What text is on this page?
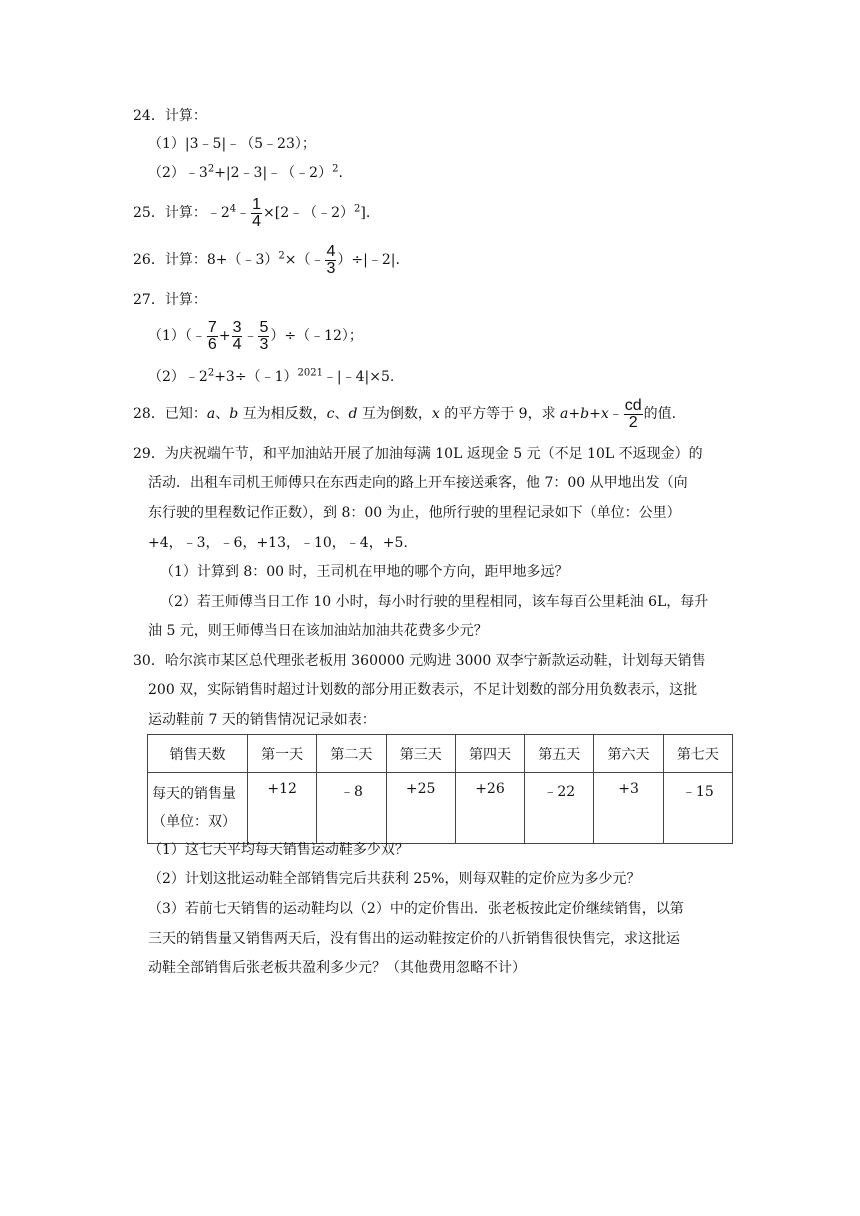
24．计算：
（1）|3﹣5|﹣（5﹣23）；
$(2)﹣3^2+|2﹣3|﹣(﹣2)^2$.
25．计算：$﹣2^4﹣ \frac{1}{4}$ ×[2﹣（﹣2）$^2$].
26．计算：8+（﹣3）$^2$×（﹣ $\frac{4}{3}$ ）÷|﹣2|.
27．计算：
（1）（﹣ $\frac{7}{6} + \frac{3}{4}$ ﹣ $\frac{5}{3}$ ）÷（﹣12）；
$(2)﹣2^2+3\div(﹣1)^{2021}﹣|﹣4|\times 5$.
28．已知：a、b 互为相反数，c、d 互为倒数，x 的平方等于 9，求 a+b+x﹣ $\frac{cd}{2}$ 的值.
29．为庆祝端午节，和平加油站开展了加油每满 10L 返现金 5 元（不足 10L 不返现金）的
活动．出租车司机王师傅只在东西走向的路上开车接送乘客，他 7：00 从甲地出发（向
东行驶的里程数记作正数），到 8：00 为止，他所行驶的里程记录如下（单位：公里）
+4，﹣3，﹣6，+13，﹣10，﹣4，+5.
（1）计算到 8：00 时，王司机在甲地的哪个方向，距甲地多远？
（2）若王师傅当日工作 10 小时，每小时行驶的里程相同，该车每百公里耗油 6L，每升
油 5 元，则王师傅当日在该加油站加油共花费多少元？
30．哈尔滨市某区总代理张老板用 360000 元购进 3000 双李宁新款运动鞋，计划每天销售
200 双，实际销售时超过计划数的部分用正数表示，不足计划数的部分用负数表示，这批
运动鞋前 7 天的销售情况记录如表：
销售天数	第一天	第二天	第三天	第四天	第五天	第六天	第七天

每天的销售量
（单位：双）	+12	﹣8	+25	+26	﹣22	+3	﹣15
（1）这七天平均每天销售运动鞋多少双？
（2）计划这批运动鞋全部销售完后共获利 25%，则每双鞋的定价应为多少元？
（3）若前七天销售的运动鞋均以（2）中的定价售出．张老板按此定价继续销售，以第
三天的销售量又销售两天后，没有售出的运动鞋按定价的八折销售很快售完，求这批运
动鞋全部销售后张老板共盈利多少元？（其他费用忽略不计）
